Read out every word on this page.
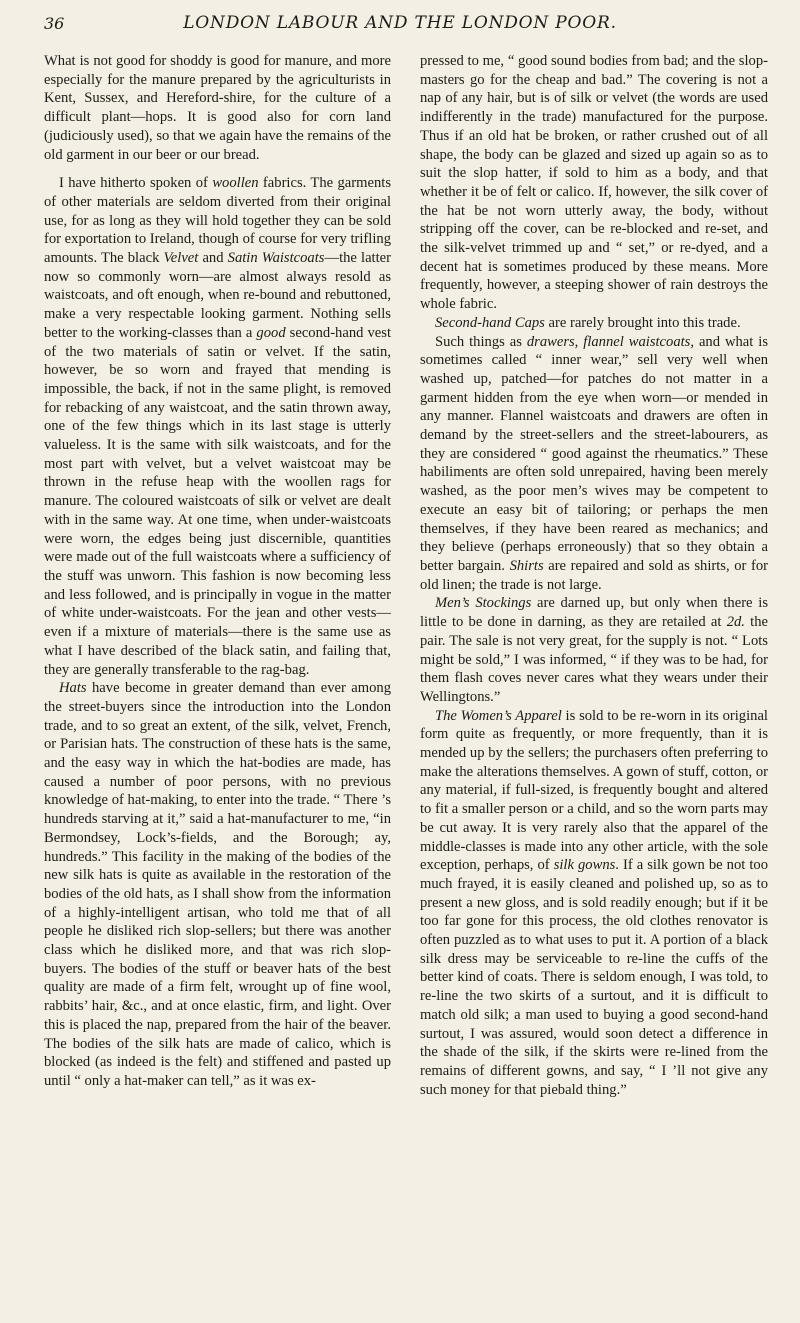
36	LONDON LABOUR AND THE LONDON POOR.

What is not good for shoddy is good for manure, and more especially for the manure prepared by the agriculturists in Kent, Sussex, and Hereford-shire, for the culture of a difficult plant—hops. It is good also for corn land (judiciously used), so that we again have the remains of the old garment in our beer or our bread.

I have hitherto spoken of woollen fabrics. The garments of other materials are seldom diverted from their original use, for as long as they will hold together they can be sold for exportation to Ireland, though of course for very trifling amounts. The black Velvet and Satin Waistcoats—the latter now so commonly worn—are almost always resold as waistcoats, and oft enough, when re-bound and rebuttoned, make a very respectable looking garment. Nothing sells better to the working-classes than a good second-hand vest of the two materials of satin or velvet. If the satin, however, be so worn and frayed that mending is impossible, the back, if not in the same plight, is removed for rebacking of any waistcoat, and the satin thrown away, one of the few things which in its last stage is utterly valueless. It is the same with silk waistcoats, and for the most part with velvet, but a velvet waistcoat may be thrown in the refuse heap with the woollen rags for manure. The coloured waistcoats of silk or velvet are dealt with in the same way. At one time, when under-waistcoats were worn, the edges being just discernible, quantities were made out of the full waistcoats where a sufficiency of the stuff was unworn. This fashion is now becoming less and less followed, and is principally in vogue in the matter of white under-waistcoats. For the jean and other vests—even if a mixture of materials—there is the same use as what I have described of the black satin, and failing that, they are generally transferable to the rag-bag.

Hats have become in greater demand than ever among the street-buyers since the introduction into the London trade, and to so great an extent, of the silk, velvet, French, or Parisian hats. The construction of these hats is the same, and the easy way in which the hat-bodies are made, has caused a number of poor persons, with no previous knowledge of hat-making, to enter into the trade. “ There ’s hundreds starving at it,” said a hat-manufacturer to me, “in Bermondsey, Lock’s-fields, and the Borough; ay, hundreds.” This facility in the making of the bodies of the new silk hats is quite as available in the restoration of the bodies of the old hats, as I shall show from the information of a highly-intelligent artisan, who told me that of all people he disliked rich slop-sellers; but there was another class which he disliked more, and that was rich slop-buyers. The bodies of the stuff or beaver hats of the best quality are made of a firm felt, wrought up of fine wool, rabbits’ hair, &c., and at once elastic, firm, and light. Over this is placed the nap, prepared from the hair of the beaver. The bodies of the silk hats are made of calico, which is blocked (as indeed is the felt) and stiffened and pasted up until “ only a hat-maker can tell,” as it was ex-

pressed to me, “ good sound bodies from bad; and the slop-masters go for the cheap and bad.” The covering is not a nap of any hair, but is of silk or velvet (the words are used indifferently in the trade) manufactured for the purpose. Thus if an old hat be broken, or rather crushed out of all shape, the body can be glazed and sized up again so as to suit the slop hatter, if sold to him as a body, and that whether it be of felt or calico. If, however, the silk cover of the hat be not worn utterly away, the body, without stripping off the cover, can be re-blocked and re-set, and the silk-velvet trimmed up and “ set,” or re-dyed, and a decent hat is sometimes produced by these means. More frequently, however, a steeping shower of rain destroys the whole fabric.

Second-hand Caps are rarely brought into this trade.

Such things as drawers, flannel waistcoats, and what is sometimes called “ inner wear,” sell very well when washed up, patched—for patches do not matter in a garment hidden from the eye when worn—or mended in any manner. Flannel waistcoats and drawers are often in demand by the street-sellers and the street-labourers, as they are considered “ good against the rheumatics.” These habiliments are often sold unrepaired, having been merely washed, as the poor men’s wives may be competent to execute an easy bit of tailoring; or perhaps the men themselves, if they have been reared as mechanics; and they believe (perhaps erroneously) that so they obtain a better bargain. Shirts are repaired and sold as shirts, or for old linen; the trade is not large.

Men’s Stockings are darned up, but only when there is little to be done in darning, as they are retailed at 2d. the pair. The sale is not very great, for the supply is not. “ Lots might be sold,” I was informed, “ if they was to be had, for them flash coves never cares what they wears under their Wellingtons.”

The Women’s Apparel is sold to be re-worn in its original form quite as frequently, or more frequently, than it is mended up by the sellers; the purchasers often preferring to make the alterations themselves. A gown of stuff, cotton, or any material, if full-sized, is frequently bought and altered to fit a smaller person or a child, and so the worn parts may be cut away. It is very rarely also that the apparel of the middle-classes is made into any other article, with the sole exception, perhaps, of silk gowns. If a silk gown be not too much frayed, it is easily cleaned and polished up, so as to present a new gloss, and is sold readily enough; but if it be too far gone for this process, the old clothes renovator is often puzzled as to what uses to put it. A portion of a black silk dress may be serviceable to re-line the cuffs of the better kind of coats. There is seldom enough, I was told, to re-line the two skirts of a surtout, and it is difficult to match old silk; a man used to buying a good second-hand surtout, I was assured, would soon detect a difference in the shade of the silk, if the skirts were re-lined from the remains of different gowns, and say, “ I ’ll not give any such money for that piebald thing.”
